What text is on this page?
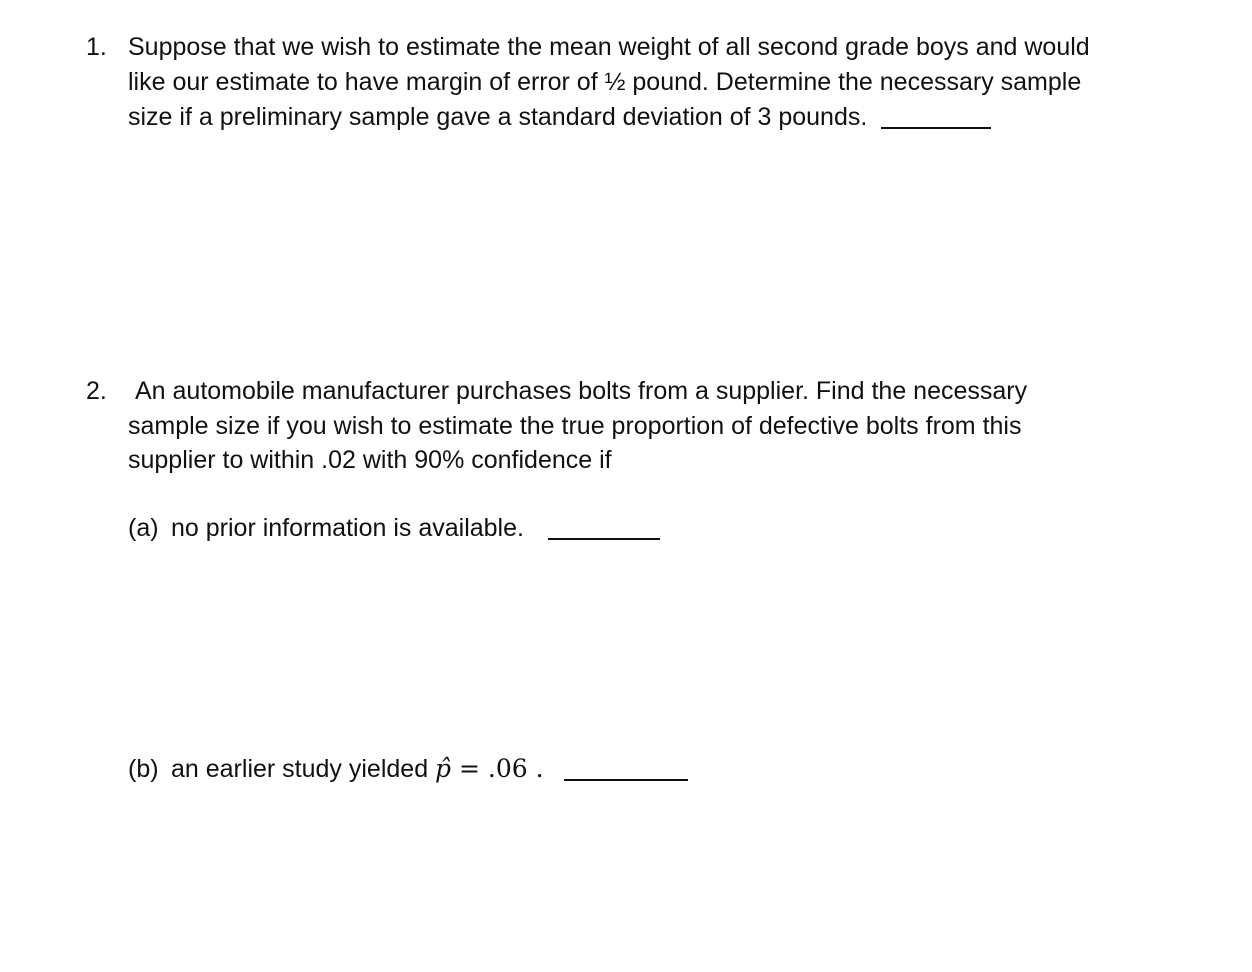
1. Suppose that we wish to estimate the mean weight of all second grade boys and would
like our estimate to have margin of error of ½ pound. Determine the necessary sample
size if a preliminary sample gave a standard deviation of 3 pounds.
2. An automobile manufacturer purchases bolts from a supplier. Find the necessary
sample size if you wish to estimate the true proportion of defective bolts from this
supplier to within .02 with 90% confidence if
(a) no prior information is available.
(b) an earlier study yielded p̂ = .06 .
